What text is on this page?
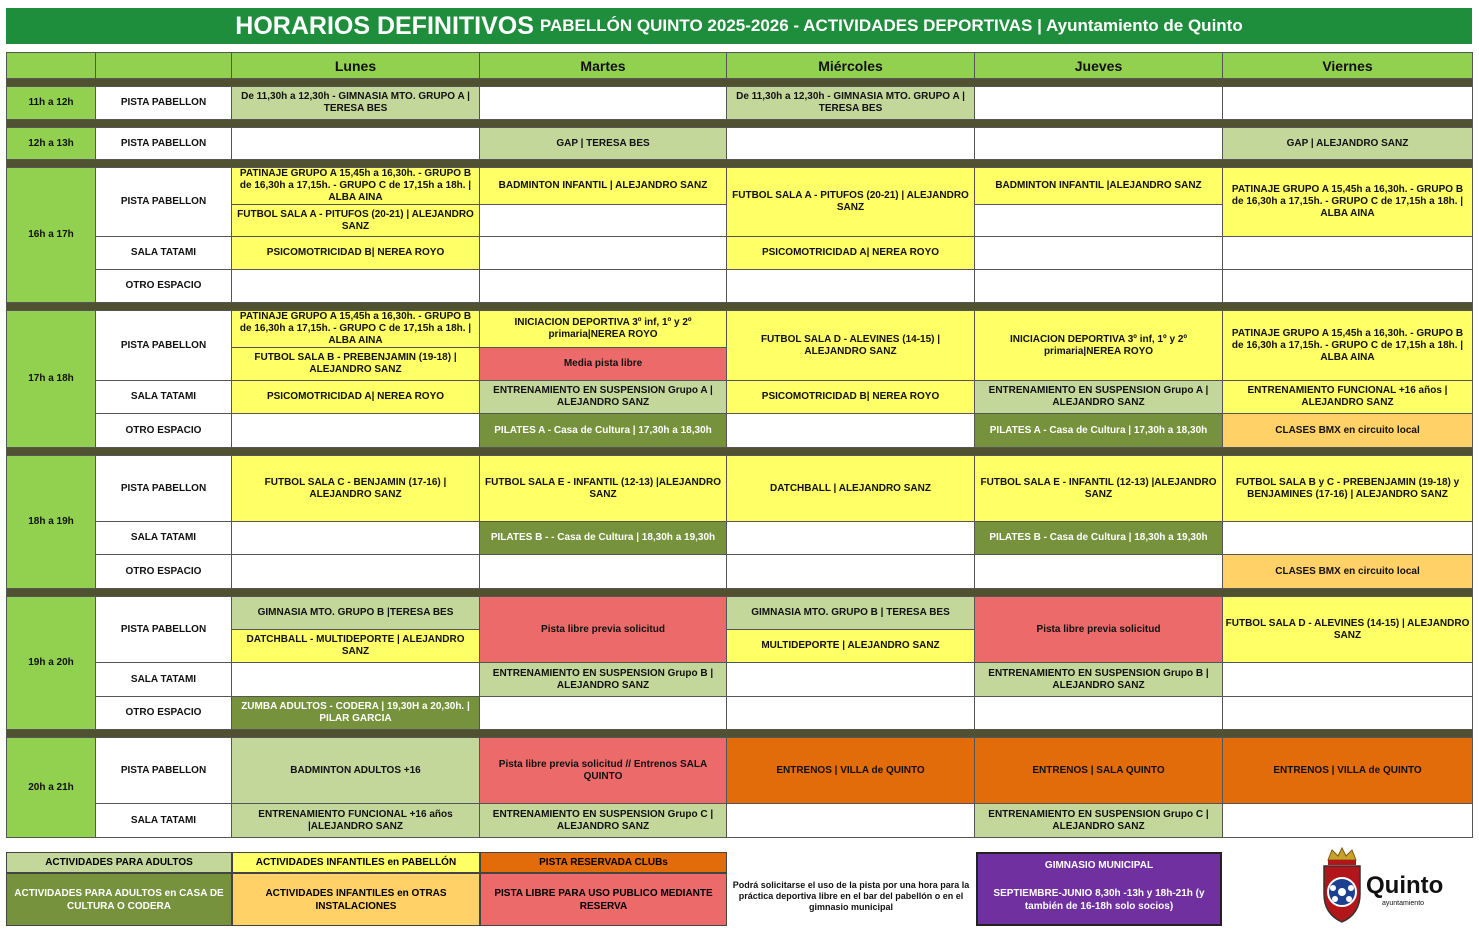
HORARIOS DEFINITIVOS PABELLÓN QUINTO 2025-2026 - ACTIVIDADES DEPORTIVAS | Ayuntamiento de Quinto
		Lunes	Martes	Miércoles	Jueves	Viernes

11h a 12h	PISTA PABELLON	De 11,30h a 12,30h - GIMNASIA MTO. GRUPO A | TERESA BES		De 11,30h a 12,30h - GIMNASIA MTO. GRUPO A | TERESA BES		

12h a 13h	PISTA PABELLON		GAP | TERESA BES			GAP | ALEJANDRO SANZ

16h a 17h	PISTA PABELLON	PATINAJE GRUPO A 15,45h a 16,30h. - GRUPO B de 16,30h a 17,15h. - GRUPO C de 17,15h a 18h. | ALBA AINA	BADMINTON INFANTIL | ALEJANDRO SANZ	FUTBOL SALA A - PITUFOS (20-21) | ALEJANDRO SANZ	BADMINTON INFANTIL |ALEJANDRO SANZ	PATINAJE GRUPO A 15,45h a 16,30h. - GRUPO B de 16,30h a 17,15h. - GRUPO C de 17,15h a 18h. | ALBA AINA
		FUTBOL SALA A - PITUFOS (20-21) | ALEJANDRO SANZ				
	SALA TATAMI	PSICOMOTRICIDAD B| NEREA ROYO		PSICOMOTRICIDAD A| NEREA ROYO		
	OTRO ESPACIO					

17h a 18h	PISTA PABELLON	PATINAJE GRUPO A 15,45h a 16,30h. - GRUPO B de 16,30h a 17,15h. - GRUPO C de 17,15h a 18h. | ALBA AINA	INICIACION DEPORTIVA 3º inf, 1º y 2º primaria|NEREA ROYO	FUTBOL SALA D - ALEVINES (14-15) | ALEJANDRO SANZ	INICIACION DEPORTIVA 3º inf, 1º y 2º primaria|NEREA ROYO	PATINAJE GRUPO A 15,45h a 16,30h. - GRUPO B de 16,30h a 17,15h. - GRUPO C de 17,15h a 18h. | ALBA AINA
		FUTBOL SALA B - PREBENJAMIN (19-18) | ALEJANDRO SANZ	Media pista libre			
	SALA TATAMI	PSICOMOTRICIDAD A| NEREA ROYO	ENTRENAMIENTO EN SUSPENSION Grupo A | ALEJANDRO SANZ	PSICOMOTRICIDAD B| NEREA ROYO	ENTRENAMIENTO EN SUSPENSION Grupo A | ALEJANDRO SANZ	ENTRENAMIENTO FUNCIONAL +16 años | ALEJANDRO SANZ
	OTRO ESPACIO		PILATES A - Casa de Cultura | 17,30h a 18,30h		PILATES A - Casa de Cultura | 17,30h a 18,30h	CLASES BMX en circuito local

18h a 19h	PISTA PABELLON	FUTBOL SALA C - BENJAMIN (17-16) | ALEJANDRO SANZ	FUTBOL SALA E - INFANTIL (12-13) |ALEJANDRO SANZ	DATCHBALL | ALEJANDRO SANZ	FUTBOL SALA E - INFANTIL (12-13) |ALEJANDRO SANZ	FUTBOL SALA B y C - PREBENJAMIN (19-18) y BENJAMINES (17-16) | ALEJANDRO SANZ
	SALA TATAMI		PILATES B - - Casa de Cultura | 18,30h a 19,30h		PILATES B - Casa de Cultura | 18,30h a 19,30h	
	OTRO ESPACIO					CLASES BMX en circuito local

19h a 20h	PISTA PABELLON	GIMNASIA MTO. GRUPO B |TERESA BES	Pista libre previa solicitud	GIMNASIA MTO. GRUPO B | TERESA BES	Pista libre previa solicitud	FUTBOL SALA D - ALEVINES (14-15) | ALEJANDRO SANZ
		DATCHBALL - MULTIDEPORTE | ALEJANDRO SANZ		MULTIDEPORTE | ALEJANDRO SANZ		
	SALA TATAMI		ENTRENAMIENTO EN SUSPENSION Grupo B | ALEJANDRO SANZ		ENTRENAMIENTO EN SUSPENSION Grupo B | ALEJANDRO SANZ	
	OTRO ESPACIO	ZUMBA ADULTOS - CODERA | 19,30H a 20,30h. | PILAR GARCIA				

20h a 21h	PISTA PABELLON	BADMINTON ADULTOS +16	Pista libre previa solicitud // Entrenos SALA QUINTO	ENTRENOS | VILLA de QUINTO	ENTRENOS | SALA QUINTO	ENTRENOS | VILLA de QUINTO
	SALA TATAMI	ENTRENAMIENTO FUNCIONAL +16 años |ALEJANDRO SANZ	ENTRENAMIENTO EN SUSPENSION Grupo C | ALEJANDRO SANZ		ENTRENAMIENTO EN SUSPENSION Grupo C | ALEJANDRO SANZ	
ACTIVIDADES PARA ADULTOS
ACTIVIDADES PARA ADULTOS en CASA DE CULTURA O CODERA
ACTIVIDADES INFANTILES en PABELLÓN
ACTIVIDADES INFANTILES en OTRAS INSTALACIONES
PISTA RESERVADA CLUBs
PISTA LIBRE PARA USO PUBLICO MEDIANTE RESERVA
Podrá solicitarse el uso de la pista por una hora para la práctica deportiva libre en el bar del pabellón o en el gimnasio municipal
GIMNASIO MUNICIPAL
SEPTIEMBRE-JUNIO 8,30h -13h y 18h-21h (y también de 16-18h solo socios)
Quinto
ayuntamiento
